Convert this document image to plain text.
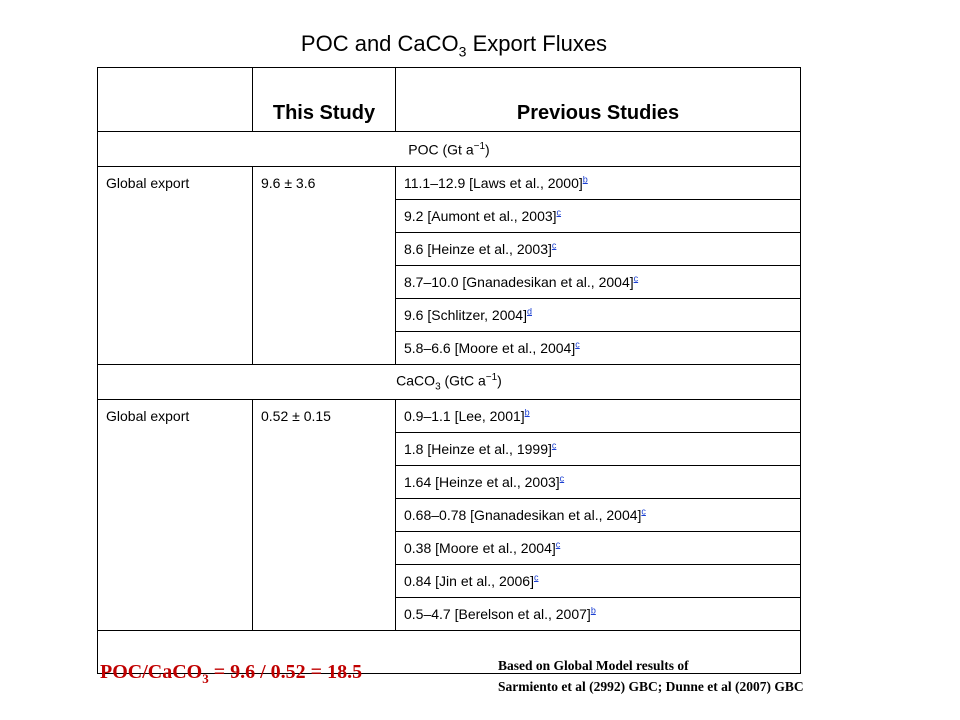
POC and CaCO$_3$ Export Fluxes
	This Study	Previous Studies
POC (Gt $a^{-1}$)		
Global export	9.6 ± 3.6	11.1–12.9 [Laws et al., 2000]$^b$
		9.2 [Aumont et al., 2003]$^c$
		8.6 [Heinze et al., 2003]$^c$
		8.7–10.0 [Gnanadesikan et al., 2004]$^c$
		9.6 [Schlitzer, 2004]$^d$
		5.8–6.6 [Moore et al., 2004]$^c$
CaCO$_3$ (GtC $a^{-1}$)		
Global export	0.52 ± 0.15	0.9–1.1 [Lee, 2001]$^b$
		1.8 [Heinze et al., 1999]$^c$
		1.64 [Heinze et al., 2003]$^c$
		0.68–0.78 [Gnanadesikan et al., 2004]$^c$
		0.38 [Moore et al., 2004]$^c$
		0.84 [Jin et al., 2006]$^c$
		0.5–4.7 [Berelson et al., 2007]$^b$

POC/CaCO$_3$ = 9.6 / 0.52 = 18.5	Based on Global Model results of
Sarmiento et al (2992) GBC; Dunne et al (2007) GBC
